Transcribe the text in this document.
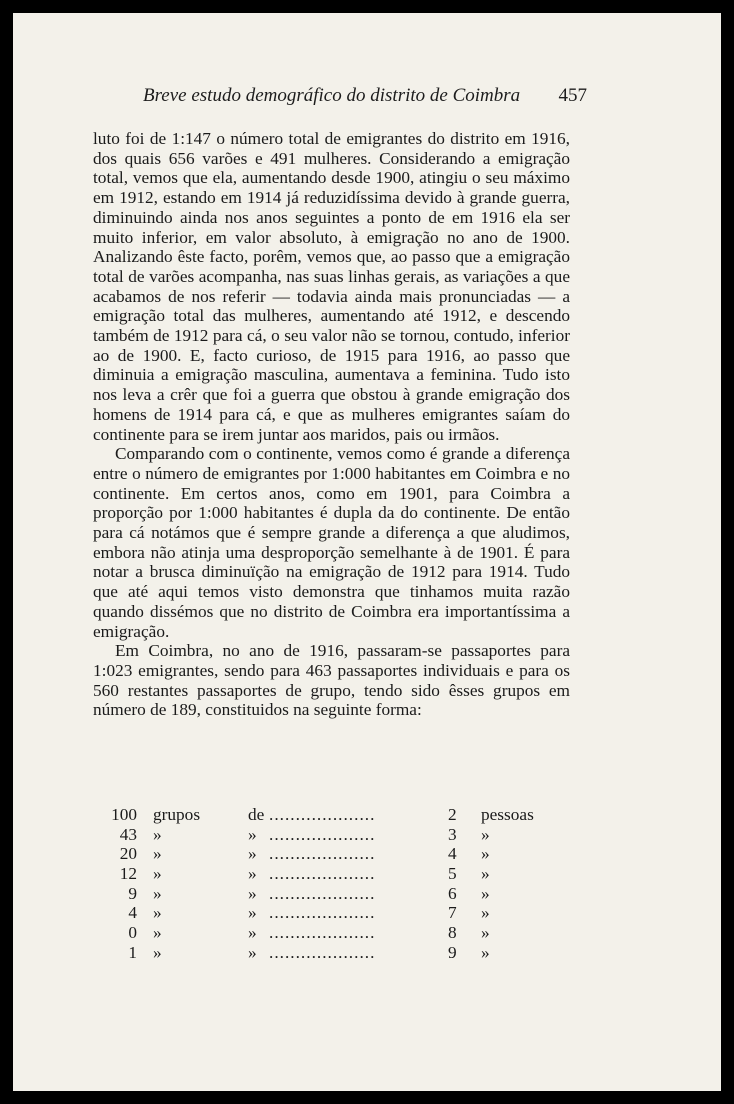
Breve estudo demográfico do distrito de Coimbra 457

luto foi de 1:147 o número total de emigrantes do distrito em 1916, dos quais 656 varões e 491 mulheres. Considerando a emigração total, vemos que ela, aumentando desde 1900, atingiu o seu máximo em 1912, estando em 1914 já reduzidíssima devido à grande guerra, diminuindo ainda nos anos seguintes a ponto de em 1916 ela ser muito inferior, em valor absoluto, à emigração no ano de 1900. Analizando êste facto, porêm, vemos que, ao passo que a emigração total de varões acompanha, nas suas linhas gerais, as variações a que acabamos de nos referir — todavia ainda mais pronunciadas — a emigração total das mulheres, aumentando até 1912, e descendo também de 1912 para cá, o seu valor não se tornou, contudo, inferior ao de 1900. E, facto curioso, de 1915 para 1916, ao passo que diminuia a emigração masculina, aumentava a feminina. Tudo isto nos leva a crêr que foi a guerra que obstou à grande emigração dos homens de 1914 para cá, e que as mulheres emigrantes saíam do continente para se irem juntar aos maridos, pais ou irmãos.

Comparando com o continente, vemos como é grande a diferença entre o número de emigrantes por 1:000 habitantes em Coimbra e no continente. Em certos anos, como em 1901, para Coimbra a proporção por 1:000 habitantes é dupla da do continente. De então para cá notámos que é sempre grande a diferença a que aludimos, embora não atinja uma desproporção semelhante à de 1901. É para notar a brusca diminuïção na emigração de 1912 para 1914. Tudo que até aqui temos visto demonstra que tinhamos muita razão quando dissémos que no distrito de Coimbra era importantíssima a emigração.

Em Coimbra, no ano de 1916, passaram-se passaportes para 1:023 emigrantes, sendo para 463 passaportes individuais e para os 560 restantes passaportes de grupo, tendo sido êsses grupos em número de 189, constituidos na seguinte forma:

100 grupos	de ....................	2 pessoas
43 »	» ....................	3 »
20 »	» ....................	4 »
12 »	» ....................	5 »
9 »	» ....................	6 »
4 »	» ....................	7 »
0 »	» ....................	8 »
1 »	» ....................	9 »
